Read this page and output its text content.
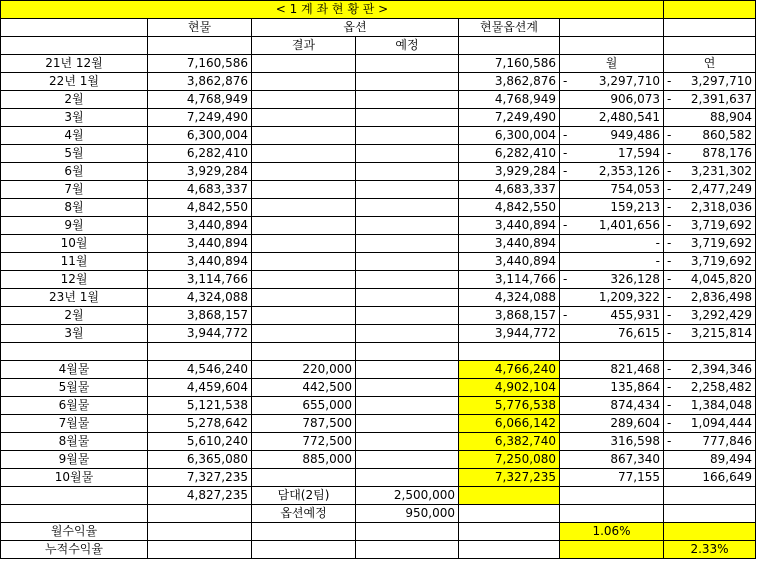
< 1 계 좌 현 황 판 >						
	현물	옵션		현물옵션계		
		결과	예정			
21년 12월	7,160,586			7,160,586	월	연
22년 1월	3,862,876			3,862,876	- 3,297,710	- 3,297,710

2월	4,768,949			4,768,949	906,073	- 2,391,637

3월	7,249,490			7,249,490	2,480,541	88,904

4월	6,300,004			6,300,004	- 949,486	- 860,582

5월	6,282,410			6,282,410	- 17,594	- 878,176

6월	3,929,284			3,929,284	- 2,353,126	- 3,231,302

7월	4,683,337			4,683,337	754,053	- 2,477,249

8월	4,842,550			4,842,550	159,213	- 2,318,036

9월	3,440,894			3,440,894	- 1,401,656	- 3,719,692

10월	3,440,894			3,440,894	-	- 3,719,692

11월	3,440,894			3,440,894	-	- 3,719,692

12월	3,114,766			3,114,766	- 326,128	- 4,045,820

23년 1월	4,324,088			4,324,088	1,209,322	- 2,836,498

2월	3,868,157			3,868,157	- 455,931	- 3,292,429

3월	3,944,772			3,944,772	76,615	- 3,215,814

4월물	4,546,240	220,000		4,766,240	821,468	- 2,394,346

5월물	4,459,604	442,500		4,902,104	135,864	- 2,258,482

6월물	5,121,538	655,000		5,776,538	874,434	- 1,384,048

7월물	5,278,642	787,500		6,066,142	289,604	- 1,094,444

8월물	5,610,240	772,500		6,382,740	316,598	- 777,846

9월물	6,365,080	885,000		7,250,080	867,340	89,494

10월물	7,327,235			7,327,235	77,155	166,649

	4,827,235	담대(2팀)	2,500,000			
		옵션예정	950,000			
월수익율					1.06%	
누적수익율						2.33%
